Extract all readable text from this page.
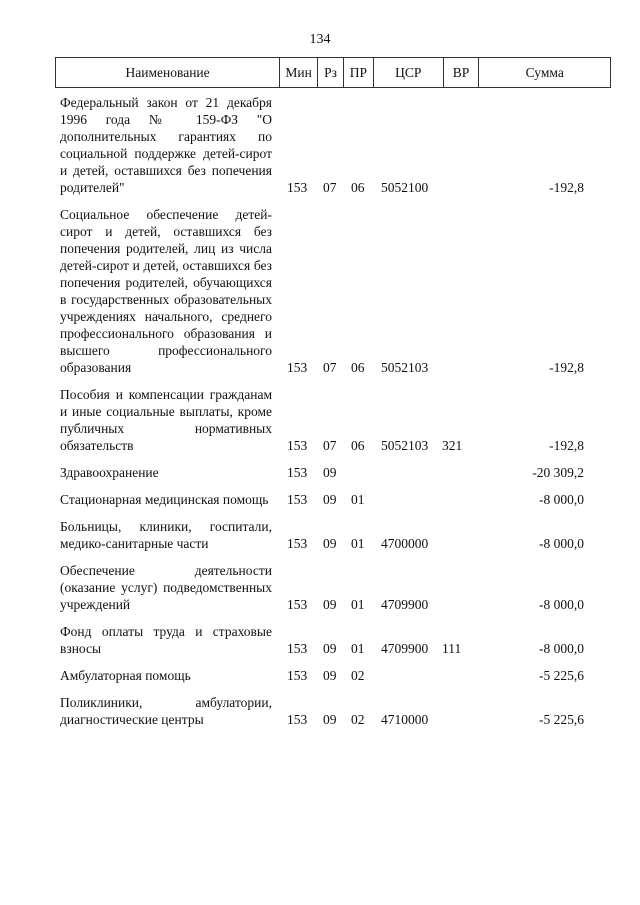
134
Наименование	Мин Рз ПР	ЦСР	ВР	Сумма
Федеральный закон от 21 декабря 1996 года № 159-ФЗ "О дополнительных гарантиях по социальной поддержке детей-сирот и детей, оставшихся без попечения родителей"	153 07 06 5052100	-192,8
Социальное обеспечение детей-сирот и детей, оставшихся без попечения родителей, лиц из числа детей-сирот и детей, оставшихся без попечения родителей, обучающихся в государственных образовательных учреждениях начального, среднего профессионального образования и высшего профессионального образования	153 07 06 5052103	-192,8
Пособия и компенсации гражданам и иные социальные выплаты, кроме публичных нормативных обязательств	153 07 06 5052103 321	-192,8
Здравоохранение	153 09	-20 309,2
Стационарная медицинская помощь 153 09 01	-8 000,0
Больницы, клиники, госпитали, медико-санитарные части	153 09 01 4700000	-8 000,0
Обеспечение деятельности (оказание услуг) подведомственных учреждений	153 09 01 4709900	-8 000,0
Фонд оплаты труда и страховые взносы	153 09 01 4709900 111	-8 000,0
Амбулаторная помощь	153 09 02	-5 225,6
Поликлиники, амбулатории, диагностические центры	153 09 02 4710000	-5 225,6
